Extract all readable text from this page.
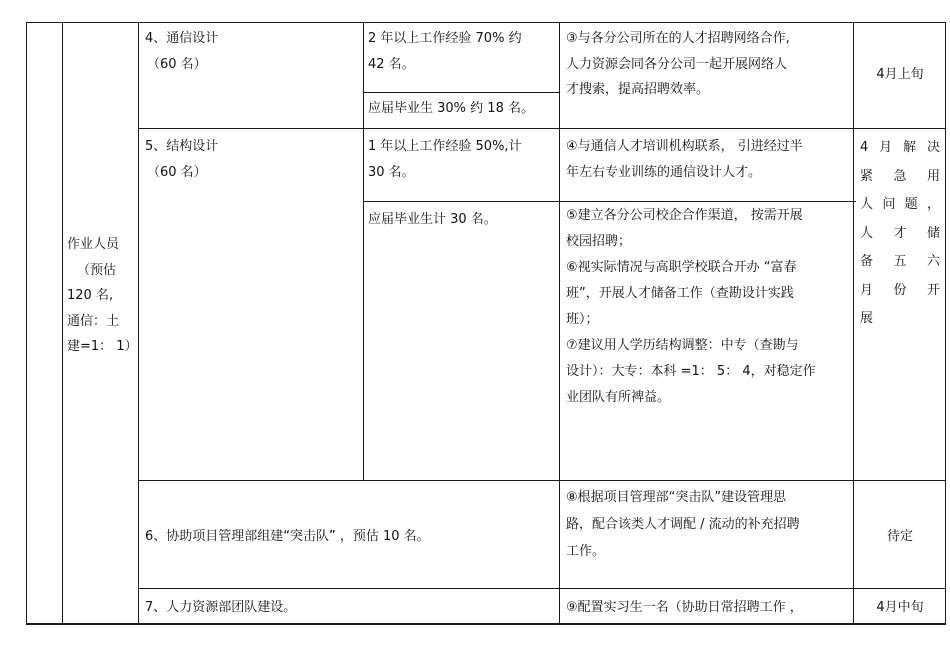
作业人员
（预估
120 名,
通信：土
建=1： 1）
4、通信设计
（60 名）
2 年以上工作经验 70% 约
42 名。
应届毕业生 30% 约 18 名。
③与各分公司所在的人才招聘网络合作,
人力资源会同各分公司一起开展网络人
才搜索，提高招聘效率。
4月上旬
5、结构设计
（60 名）
1 年以上工作经验 50%,计
30 名。
应届毕业生计 30 名。
④与通信人才培训机构联系， 引进经过半
年左右专业训练的通信设计人才。
⑤建立各分公司校企合作渠道， 按需开展
校园招聘；
⑥视实际情况与高职学校联合开办 “富春
班”，开展人才储备工作（查勘设计实践
班）；
⑦建议用人学历结构调整：中专（查勘与
设计）：大专：本科 =1： 5： 4，对稳定作
业团队有所裨益。
4月解决
紧 急 用
人问题，
人 才 储
备 五 六
月 份 开
展
6、协助项目管理部组建“突击队” ，预估 10 名。
⑧根据项目管理部“突击队”建设管理思
路，配合该类人才调配 / 流动的补充招聘
工作。
待定
7、人力资源部团队建设。	⑨配置实习生一名（协助日常招聘工作 ，	4月中旬
